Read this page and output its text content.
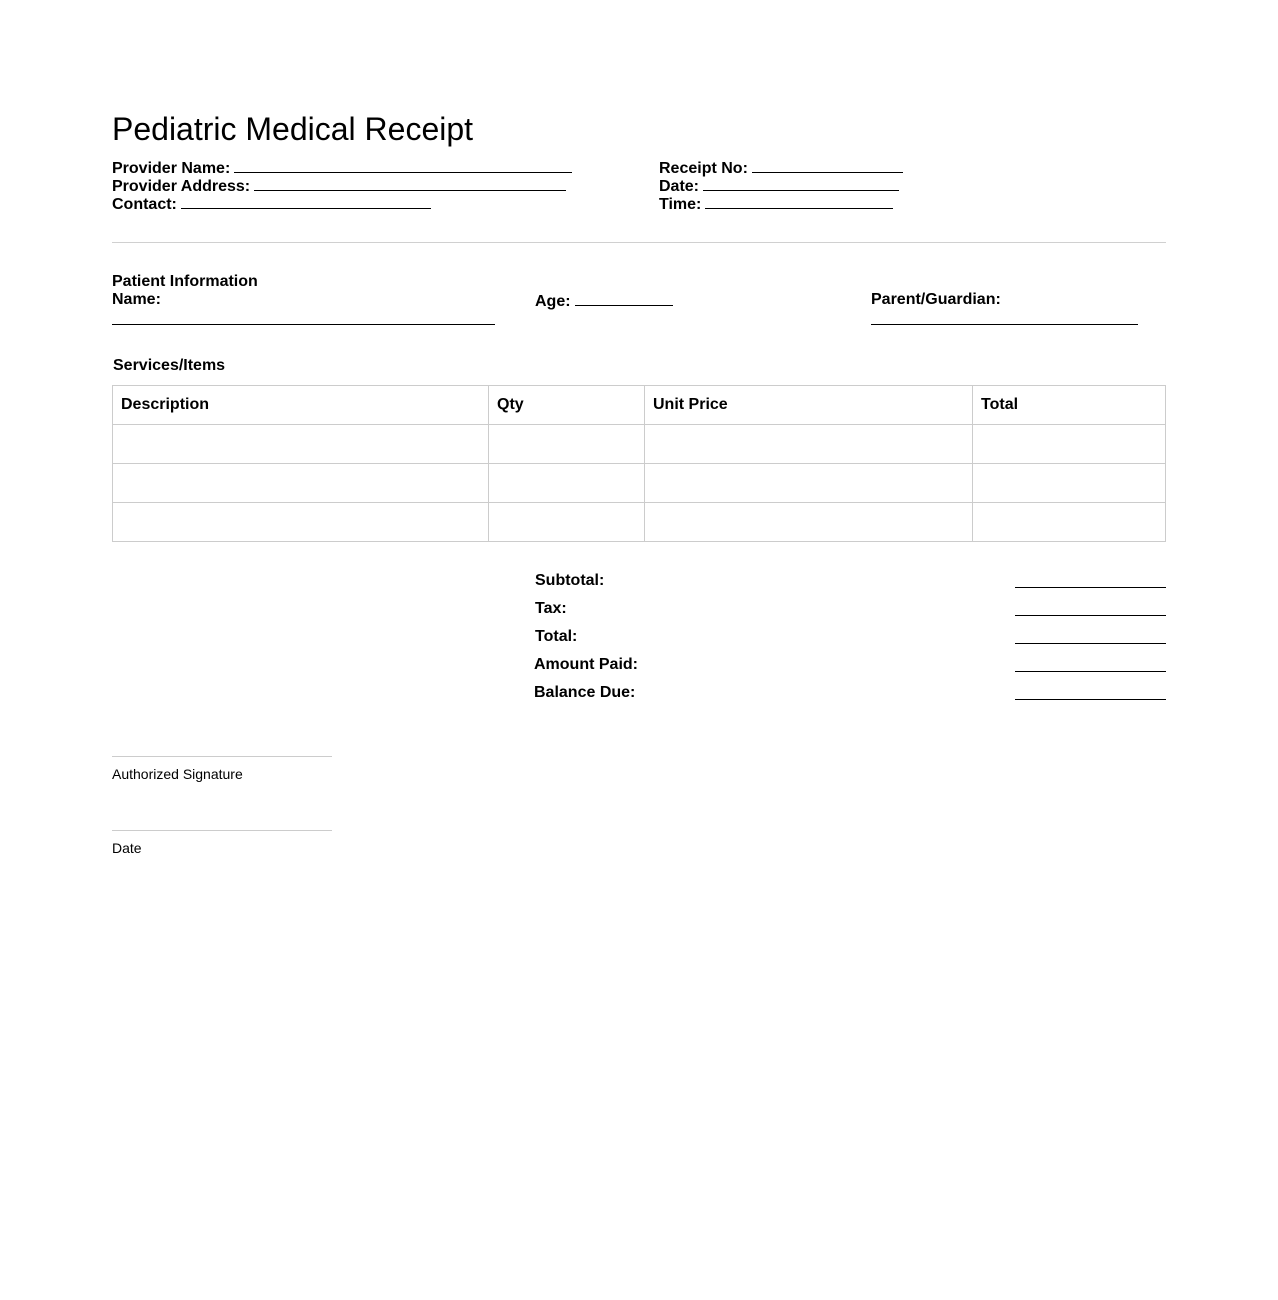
Pediatric Medical Receipt
Provider Name:
Provider Address:
Contact:
Receipt No:
Date:
Time:
Patient Information
Name:	Age:	Parent/Guardian:
Services/Items
Description	Qty	Unit Price	Total

Subtotal:
Tax:
Total:
Amount Paid:
Balance Due:
Authorized Signature
Date
